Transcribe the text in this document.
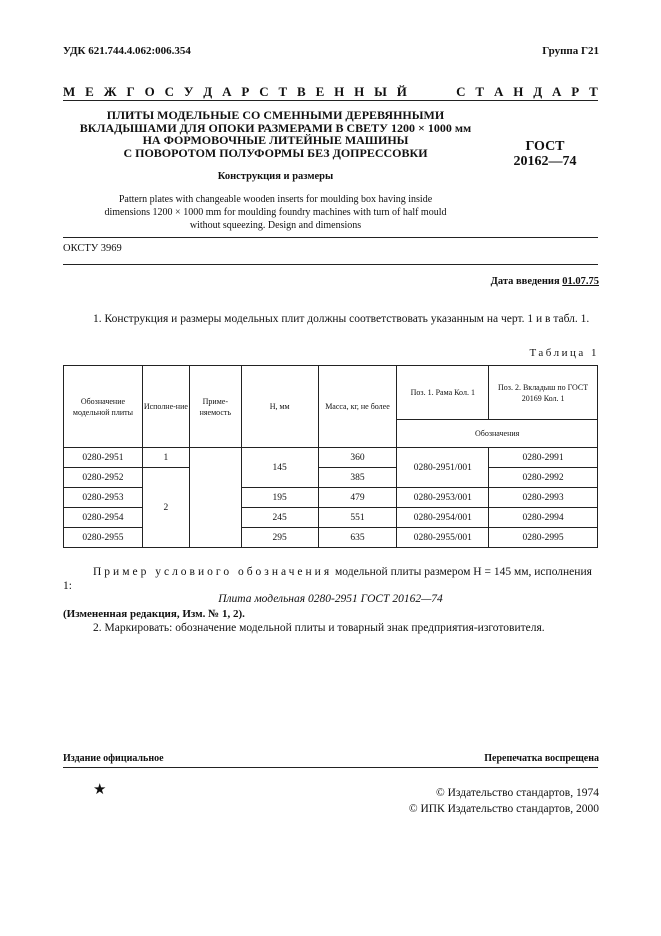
УДК 621.744.4.062:006.354	Группа Г21
М Е Ж Г О С У Д А Р С Т В Е Н Н Ы Й

	С Т А Н Д А Р Т
ПЛИТЫ МОДЕЛЬНЫЕ СО СМЕННЫМИ ДЕРЕВЯННЫМИ
ВКЛАДЫШАМИ ДЛЯ ОПОКИ РАЗМЕРАМИ В СВЕТУ 1200 × 1000 мм
НА ФОРМОВОЧНЫЕ ЛИТЕЙНЫЕ МАШИНЫ
С ПОВОРОТОМ ПОЛУФОРМЫ БЕЗ ДОПРЕССОВКИ	ГОСТ
20162—74
Конструкция и размеры
Pattern plates with changeable wooden inserts for moulding box having inside
dimensions 1200 × 1000 mm for moulding foundry machines with turn of half mould
without squeezing. Design and dimensions
ОКСТУ 3969
Дата введения 01.07.75
1. Конструкция и размеры модельных плит должны соответствовать указанным на черт. 1 и в табл. 1.
Таблица 1
Обозначение модельной плиты	Исполне-ние	Приме-няемость	H, мм	Масса, кг, не более	Поз. 1. Рама Кол. 1	Поз. 2. Вкладыш по ГОСТ 20169 Кол. 1
					Обозначения	
0280-2951	1		145	360	0280-2951/001	0280-2991
0280-2952	2			385		0280-2992
0280-2953			195	479	0280-2953/001	0280-2993
0280-2954			245	551	0280-2954/001	0280-2994
0280-2955			295	635	0280-2955/001	0280-2995
Пример условиого обозначения модельной плиты размером H = 145 мм, исполнения 1:
Плита модельная 0280-2951 ГОСТ 20162—74
(Измененная редакция, Изм. № 1, 2).
2. Маркировать: обозначение модельной плиты и товарный знак предприятия-изготовителя.
Издание официальное	Перепечатка воспрещена
★	© Издательство стандартов, 1974
© ИПК Издательство стандартов, 2000
